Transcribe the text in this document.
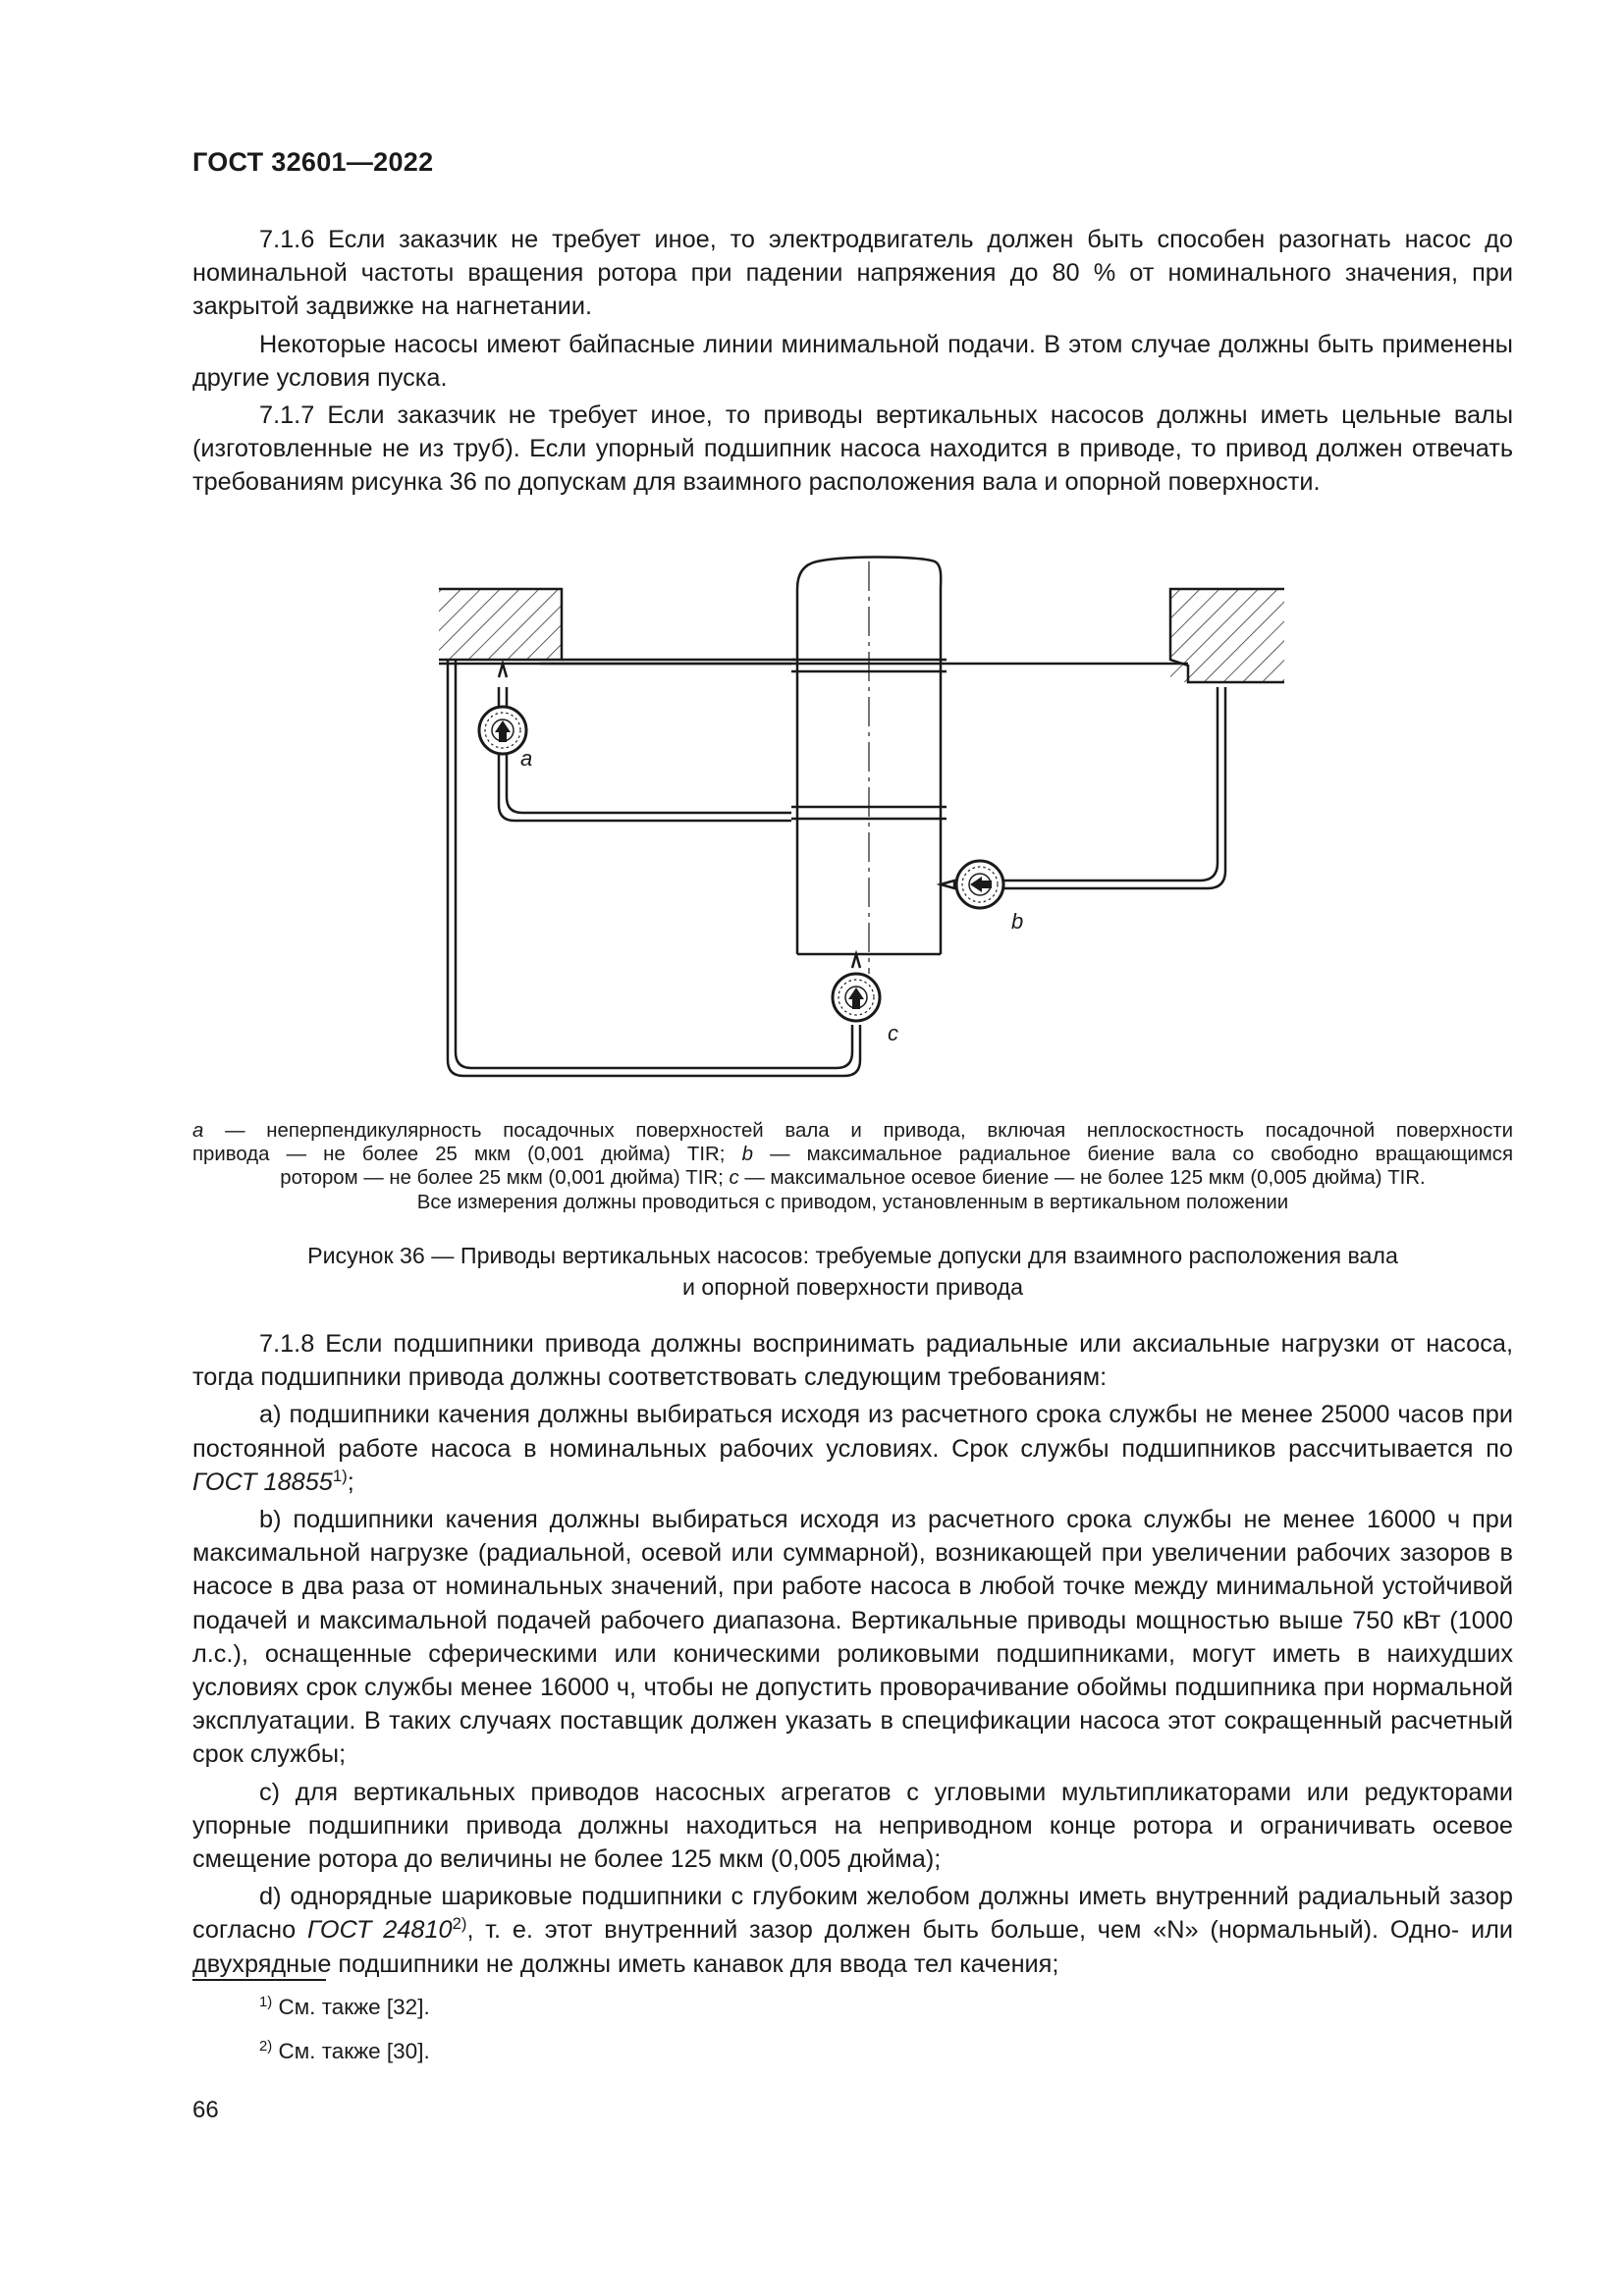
ГОСТ 32601—2022

7.1.6 Если заказчик не требует иное, то электродвигатель должен быть способен разогнать насос до номинальной частоты вращения ротора при падении напряжения до 80 % от номинального значения, при закрытой задвижке на нагнетании.

Некоторые насосы имеют байпасные линии минимальной подачи. В этом случае должны быть применены другие условия пуска.

7.1.7 Если заказчик не требует иное, то приводы вертикальных насосов должны иметь цельные валы (изготовленные не из труб). Если упорный подшипник насоса находится в приводе, то привод должен отвечать требованиям рисунка 36 по допускам для взаимного расположения вала и опорной поверхности.

a
b
c
a — неперпендикулярность посадочных поверхностей вала и привода, включая неплоскостность посадочной поверхности
привода — не более 25 мкм (0,001 дюйма) TIR; b — максимальное радиальное биение вала со свободно вращающимся
ротором — не более 25 мкм (0,001 дюйма) TIR; c — максимальное осевое биение — не более 125 мкм (0,005 дюйма) TIR.
Все измерения должны проводиться с приводом, установленным в вертикальном положении
Рисунок 36 — Приводы вертикальных насосов: требуемые допуски для взаимного расположения вала
и опорной поверхности привода

7.1.8 Если подшипники привода должны воспринимать радиальные или аксиальные нагрузки от насоса, тогда подшипники привода должны соответствовать следующим требованиям:

а) подшипники качения должны выбираться исходя из расчетного срока службы не менее 25000 часов при постоянной работе насоса в номинальных рабочих условиях. Срок службы подшипников рассчитывается по ГОСТ 18855$^{1)}$;

b) подшипники качения должны выбираться исходя из расчетного срока службы не менее 16000 ч при максимальной нагрузке (радиальной, осевой или суммарной), возникающей при увеличении рабочих зазоров в насосе в два раза от номинальных значений, при работе насоса в любой точке между минимальной устойчивой подачей и максимальной подачей рабочего диапазона. Вертикальные приводы мощностью выше 750 кВт (1000 л.с.), оснащенные сферическими или коническими роликовыми подшипниками, могут иметь в наихудших условиях срок службы менее 16000 ч, чтобы не допустить проворачивание обоймы подшипника при нормальной эксплуатации. В таких случаях поставщик должен указать в спецификации насоса этот сокращенный расчетный срок службы;

c) для вертикальных приводов насосных агрегатов с угловыми мультипликаторами или редукторами упорные подшипники привода должны находиться на неприводном конце ротора и ограничивать осевое смещение ротора до величины не более 125 мкм (0,005 дюйма);

d) однорядные шариковые подшипники с глубоким желобом должны иметь внутренний радиальный зазор согласно ГОСТ 24810$^{2)}$, т. е. этот внутренний зазор должен быть больше, чем «N» (нормальный). Одно- или двухрядные подшипники не должны иметь канавок для ввода тел качения;

$^{1)}$ См. также [32].
$^{2)}$ См. также [30].
66
